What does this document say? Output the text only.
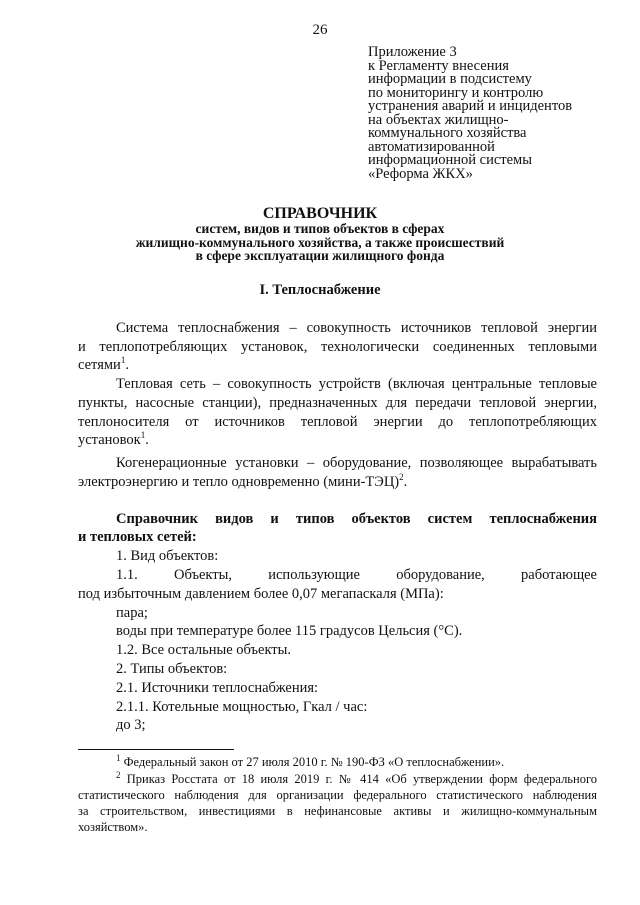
26
Приложение 3
к Регламенту внесения
информации в подсистему
по мониторингу и контролю
устранения аварий и инцидентов
на объектах жилищно-
коммунального хозяйства
автоматизированной
информационной системы
«Реформа ЖКХ»
СПРАВОЧНИК
систем, видов и типов объектов в сферах
жилищно-коммунального хозяйства, а также происшествий
в сфере эксплуатации жилищного фонда
I. Теплоснабжение
Система теплоснабжения – совокупность источников тепловой энергии
и теплопотребляющих установок, технологически соединенных тепловыми
сетями$^1$.
Тепловая сеть – совокупность устройств (включая центральные тепловые
пункты, насосные станции), предназначенных для передачи тепловой энергии,
теплоносителя от источников тепловой энергии до теплопотребляющих
установок$^1$.
Когенерационные установки – оборудование, позволяющее вырабатывать
электроэнергию и тепло одновременно (мини-ТЭЦ)$^2$.
Справочник видов и типов объектов систем теплоснабжения
и тепловых сетей:
1. Вид объектов:
1.1. Объекты, использующие оборудование, работающее
под избыточным давлением более 0,07 мегапаскаля (МПа):
пара;
воды при температуре более 115 градусов Цельсия (°C).
1.2. Все остальные объекты.
2. Типы объектов:
2.1. Источники теплоснабжения:
2.1.1. Котельные мощностью, Гкал / час:
до 3;
$^1$ Федеральный закон от 27 июля 2010 г. № 190-ФЗ «О теплоснабжении».
$^2$ Приказ Росстата от 18 июля 2019 г. № 414 «Об утверждении форм федерального
статистического наблюдения для организации федерального статистического наблюдения
за строительством, инвестициями в нефинансовые активы и жилищно-коммунальным
хозяйством».
